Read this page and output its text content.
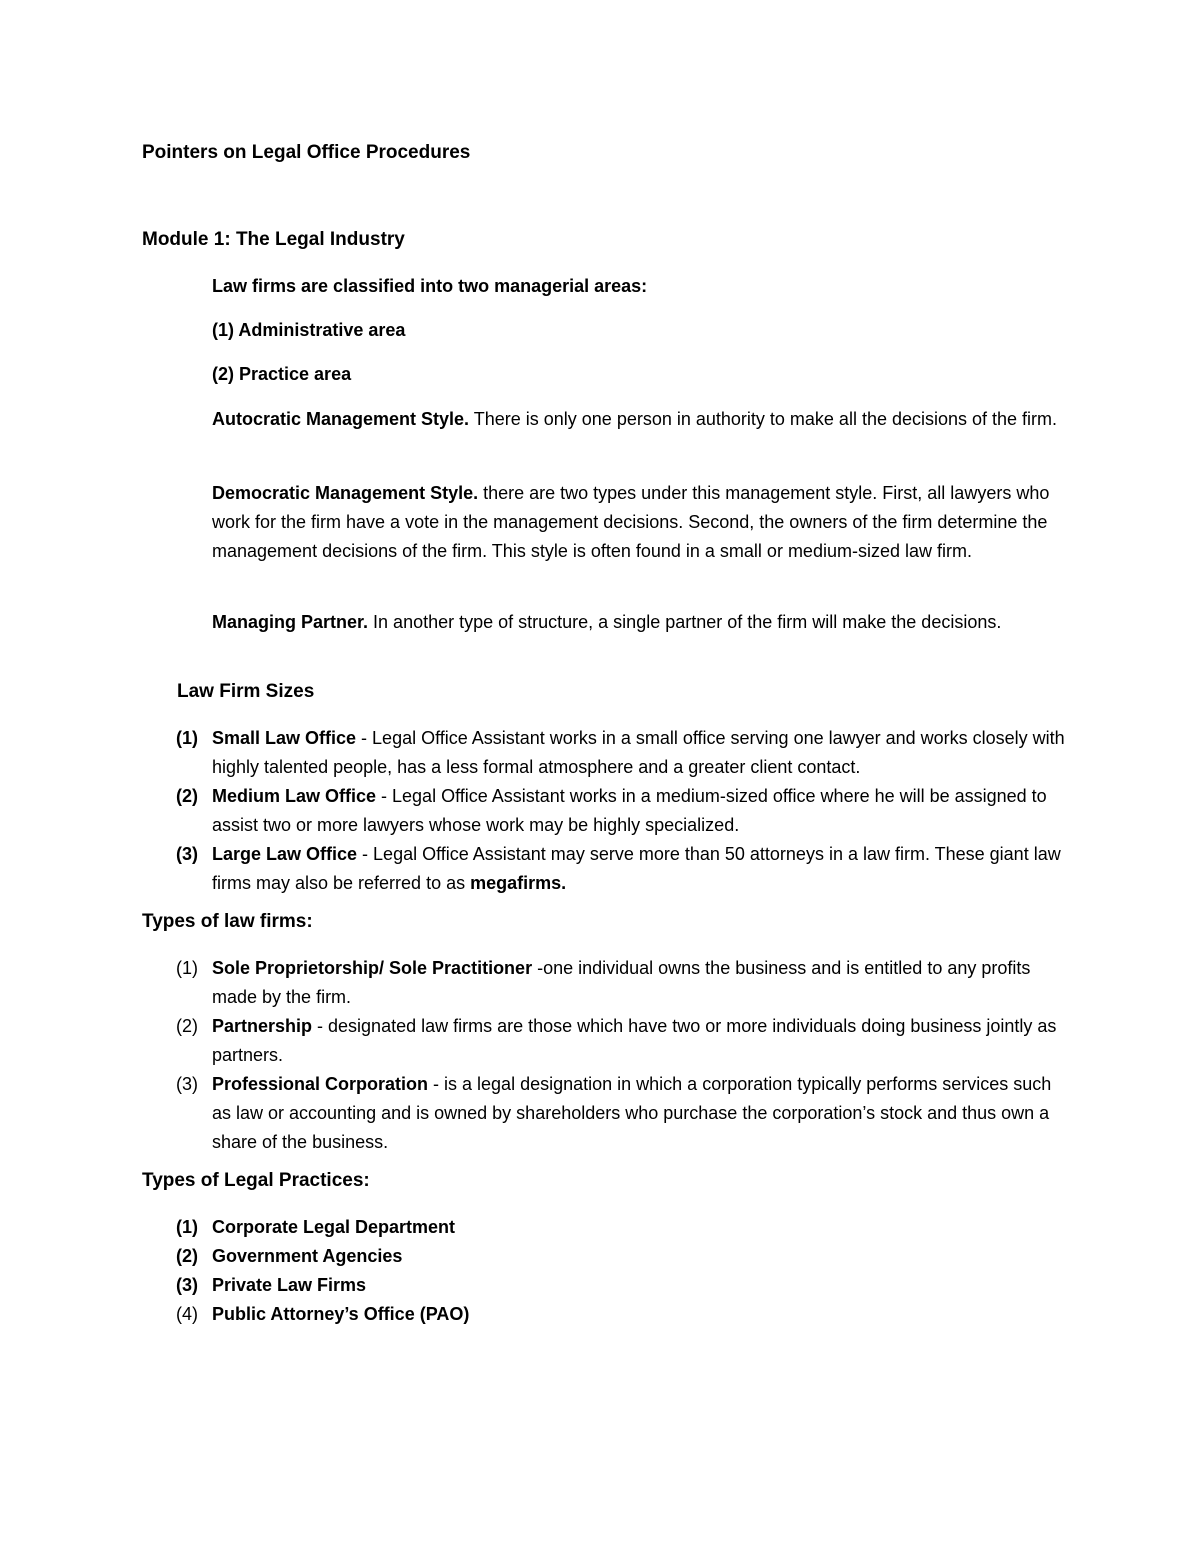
Pointers on Legal Office Procedures
Module 1: The Legal Industry
Law firms are classified into two managerial areas:
(1) Administrative area
(2) Practice area
Autocratic Management Style. There is only one person in authority to make all the decisions of the firm.
Democratic Management Style. there are two types under this management style. First, all lawyers who work for the firm have a vote in the management decisions. Second, the owners of the firm determine the management decisions of the firm. This style is often found in a small or medium-sized law firm.
Managing Partner. In another type of structure, a single partner of the firm will make the decisions.
Law Firm Sizes
(1) Small Law Office - Legal Office Assistant works in a small office serving one lawyer and works closely with highly talented people, has a less formal atmosphere and a greater client contact.
(2) Medium Law Office - Legal Office Assistant works in a medium-sized office where he will be assigned to assist two or more lawyers whose work may be highly specialized.
(3) Large Law Office - Legal Office Assistant may serve more than 50 attorneys in a law firm. These giant law firms may also be referred to as megafirms.
Types of law firms:
(1) Sole Proprietorship/ Sole Practitioner -one individual owns the business and is entitled to any profits made by the firm.
(2) Partnership - designated law firms are those which have two or more individuals doing business jointly as partners.
(3) Professional Corporation - is a legal designation in which a corporation typically performs services such as law or accounting and is owned by shareholders who purchase the corporation’s stock and thus own a share of the business.
Types of Legal Practices:
(1) Corporate Legal Department
(2) Government Agencies
(3) Private Law Firms
(4) Public Attorney’s Office (PAO)
